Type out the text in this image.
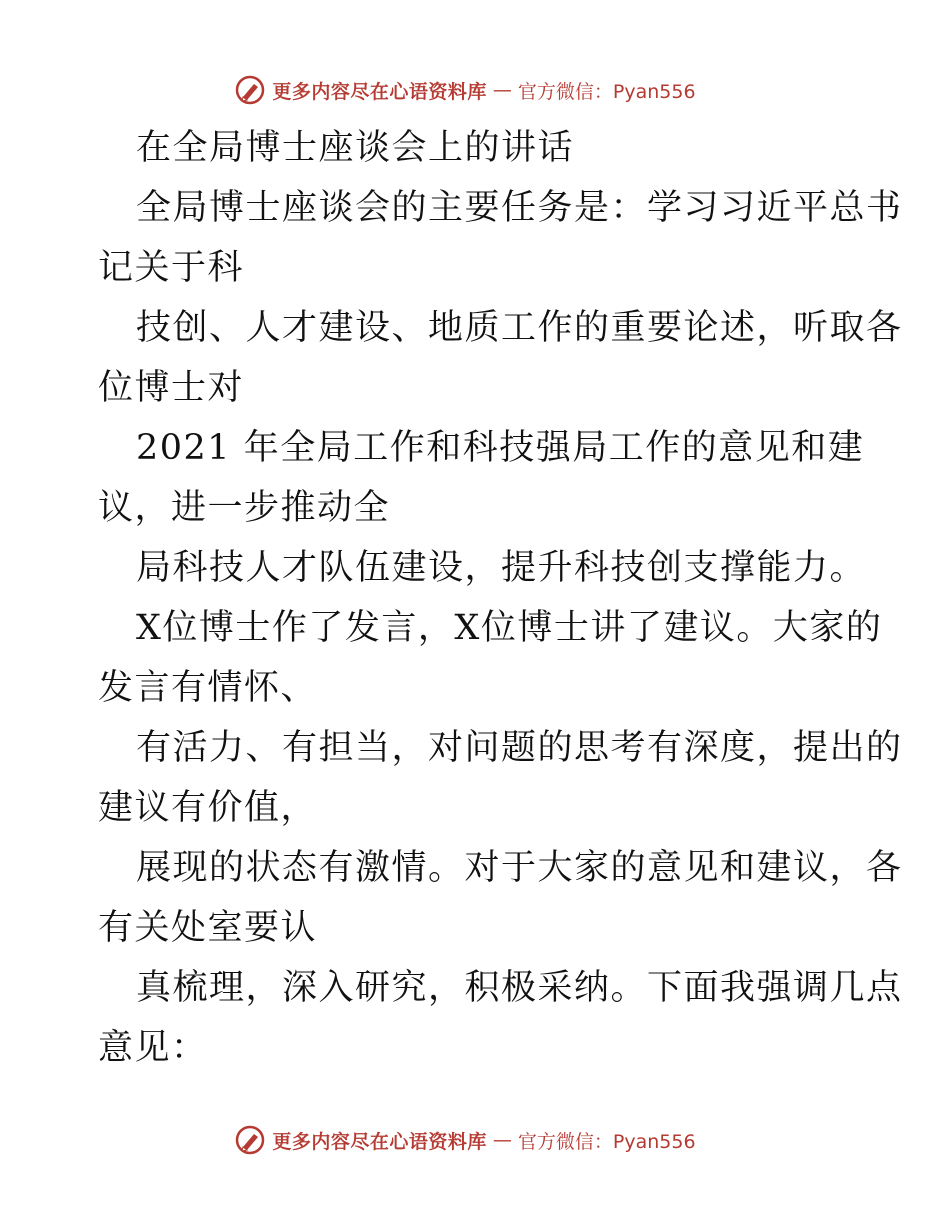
更多内容尽在心语资料库 — 官方微信：Pyan556
在全局博士座谈会上的讲话
全局博士座谈会的主要任务是：学习习近平总书
记关于科
技创、人才建设、地质工作的重要论述，听取各
位博士对
2021 年全局工作和科技强局工作的意见和建
议，进一步推动全
局科技人才队伍建设，提升科技创支撑能力。
X位博士作了发言，X位博士讲了建议。大家的
发言有情怀、
有活力、有担当，对问题的思考有深度，提出的
建议有价值，
展现的状态有激情。对于大家的意见和建议，各
有关处室要认
真梳理，深入研究，积极采纳。下面我强调几点
意见：
更多内容尽在心语资料库 — 官方微信：Pyan556
